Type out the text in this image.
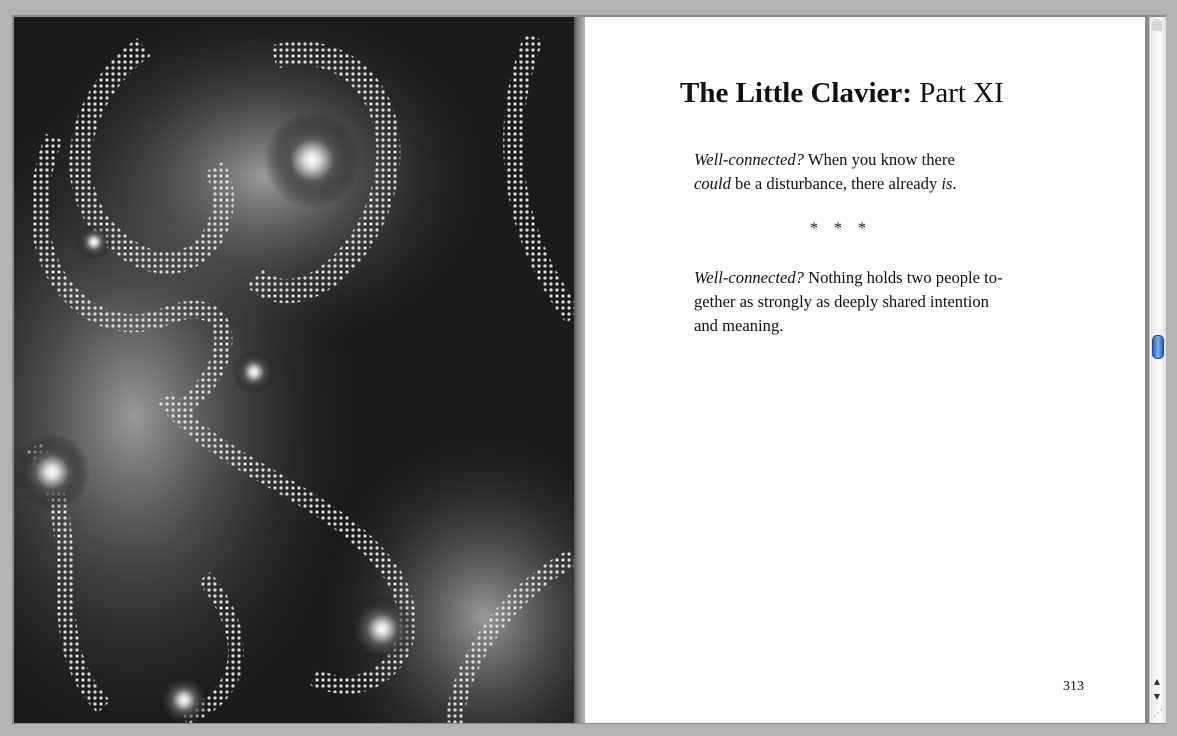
The Little Clavier: Part XI
Well-connected? When you know there
could be a disturbance, there already is.
* * *
Well-connected? Nothing holds two people to-
gether as strongly as deeply shared intention
and meaning.
313	▲
▼
⋰
